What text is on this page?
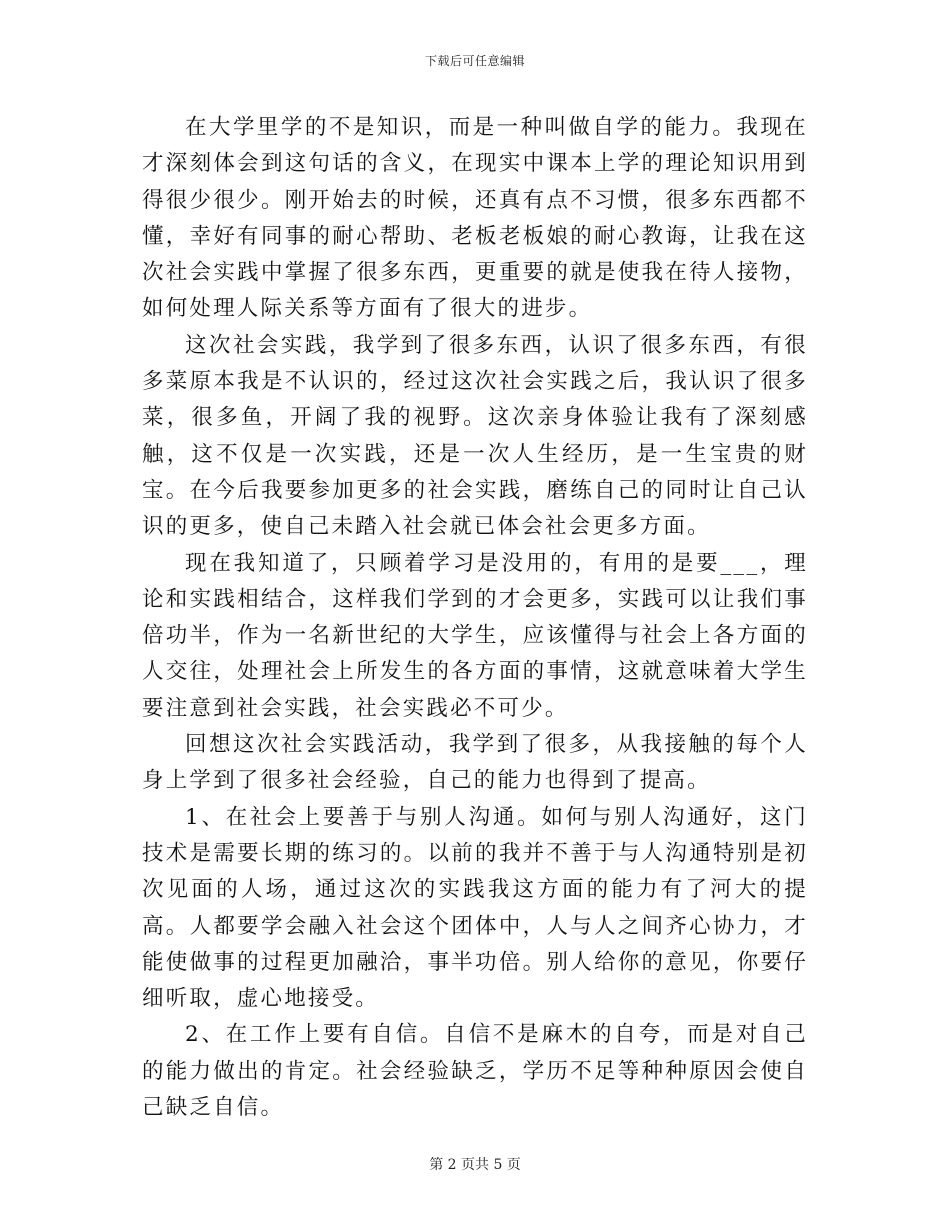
下载后可任意编辑

在大学里学的不是知识，而是一种叫做自学的能力。我现在才深刻体会到这句话的含义，在现实中课本上学的理论知识用到得很少很少。刚开始去的时候，还真有点不习惯，很多东西都不懂，幸好有同事的耐心帮助、老板老板娘的耐心教诲，让我在这次社会实践中掌握了很多东西，更重要的就是使我在待人接物，如何处理人际关系等方面有了很大的进步。

这次社会实践，我学到了很多东西，认识了很多东西，有很多菜原本我是不认识的，经过这次社会实践之后，我认识了很多菜，很多鱼，开阔了我的视野。这次亲身体验让我有了深刻感触，这不仅是一次实践，还是一次人生经历，是一生宝贵的财宝。在今后我要参加更多的社会实践，磨练自己的同时让自己认识的更多，使自己未踏入社会就已体会社会更多方面。

现在我知道了，只顾着学习是没用的，有用的是要___，理论和实践相结合，这样我们学到的才会更多，实践可以让我们事倍功半，作为一名新世纪的大学生，应该懂得与社会上各方面的人交往，处理社会上所发生的各方面的事情，这就意味着大学生要注意到社会实践，社会实践必不可少。

回想这次社会实践活动，我学到了很多，从我接触的每个人身上学到了很多社会经验，自己的能力也得到了提高。

1、在社会上要善于与别人沟通。如何与别人沟通好，这门技术是需要长期的练习的。以前的我并不善于与人沟通特别是初次见面的人场，通过这次的实践我这方面的能力有了河大的提高。人都要学会融入社会这个团体中，人与人之间齐心协力，才能使做事的过程更加融洽，事半功倍。别人给你的意见，你要仔细听取，虚心地接受。

2、在工作上要有自信。自信不是麻木的自夸，而是对自己的能力做出的肯定。社会经验缺乏，学历不足等种种原因会使自己缺乏自信。

第 2 页共 5 页
